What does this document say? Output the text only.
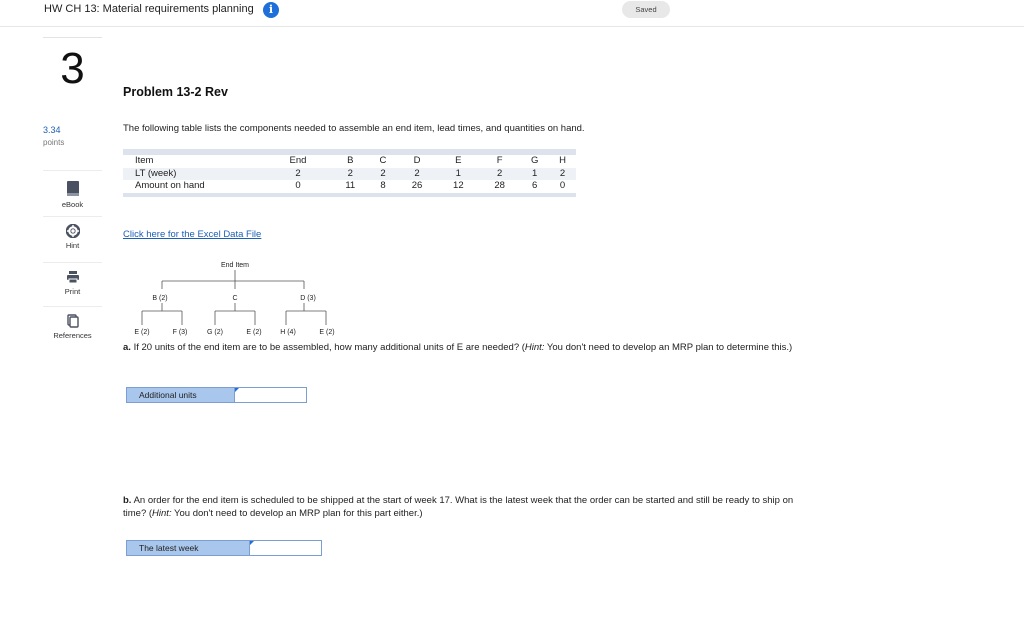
HW CH 13: Material requirements planning	i	Saved
3
3.34
points
eBook
Hint
Print
References
Problem 13-2 Rev
The following table lists the components needed to assemble an end item, lead times, and quantities on hand.
Item	End	B	C	D	E	F	G	H
LT (week)	2	2	2	2	1	2	1	2
Amount on hand	0	11	8	26	12	28	6	0
Click here for the Excel Data File
End Item
B (2)	C	D (3)
E (2)	F (3)	G (2)	E (2)	H (4)	E (2)
a. If 20 units of the end item are to be assembled, how many additional units of E are needed? (Hint: You don't need to develop an MRP plan to determine this.)
Additional units
b. An order for the end item is scheduled to be shipped at the start of week 17. What is the latest week that the order can be started and still be ready to ship on time? (Hint: You don't need to develop an MRP plan for this part either.)
The latest week
